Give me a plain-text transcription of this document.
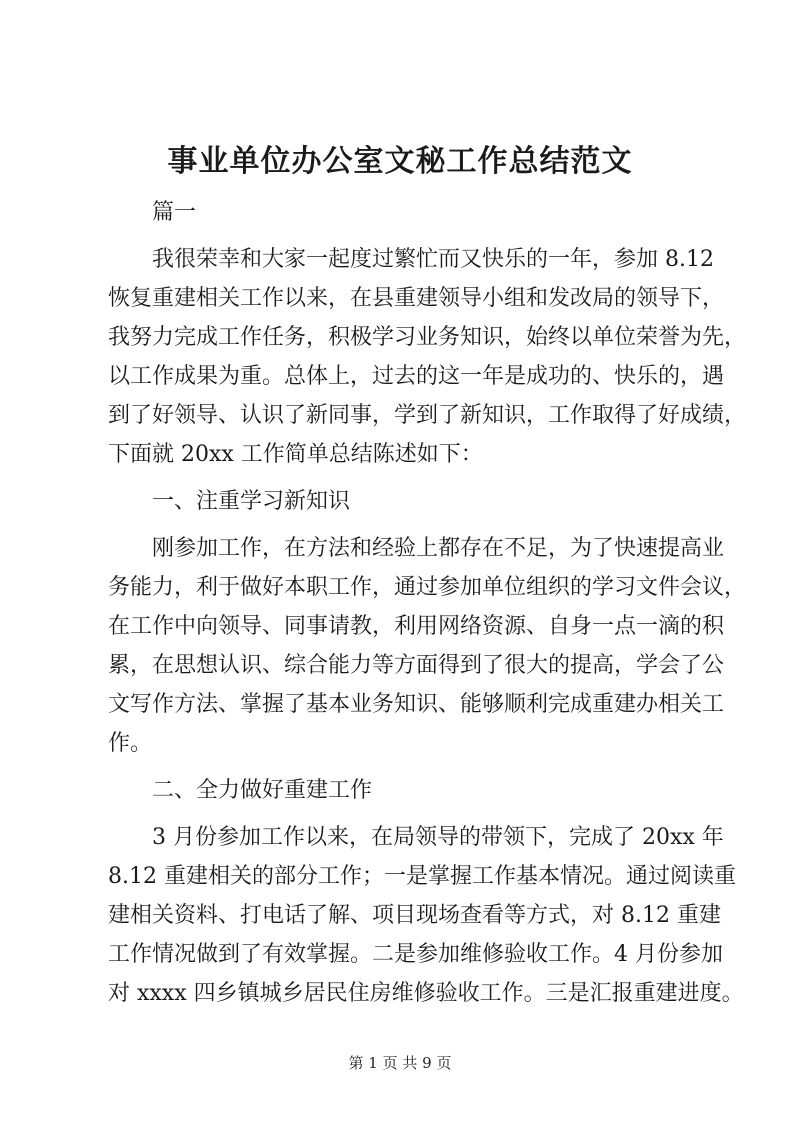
事业单位办公室文秘工作总结范文
篇一
我很荣幸和大家一起度过繁忙而又快乐的一年，参加 8.12
恢复重建相关工作以来，在县重建领导小组和发改局的领导下，
我努力完成工作任务，积极学习业务知识，始终以单位荣誉为先，
以工作成果为重。总体上，过去的这一年是成功的、快乐的，遇
到了好领导、认识了新同事，学到了新知识，工作取得了好成绩，
下面就 20xx 工作简单总结陈述如下：
一、注重学习新知识
刚参加工作，在方法和经验上都存在不足，为了快速提高业
务能力，利于做好本职工作，通过参加单位组织的学习文件会议，
在工作中向领导、同事请教，利用网络资源、自身一点一滴的积
累，在思想认识、综合能力等方面得到了很大的提高，学会了公
文写作方法、掌握了基本业务知识、能够顺利完成重建办相关工
作。
二、全力做好重建工作
3 月份参加工作以来，在局领导的带领下，完成了 20xx 年
8.12 重建相关的部分工作；一是掌握工作基本情况。通过阅读重
建相关资料、打电话了解、项目现场查看等方式，对 8.12 重建
工作情况做到了有效掌握。二是参加维修验收工作。4 月份参加
对 xxxx 四乡镇城乡居民住房维修验收工作。三是汇报重建进度。
第 1 页 共 9 页
